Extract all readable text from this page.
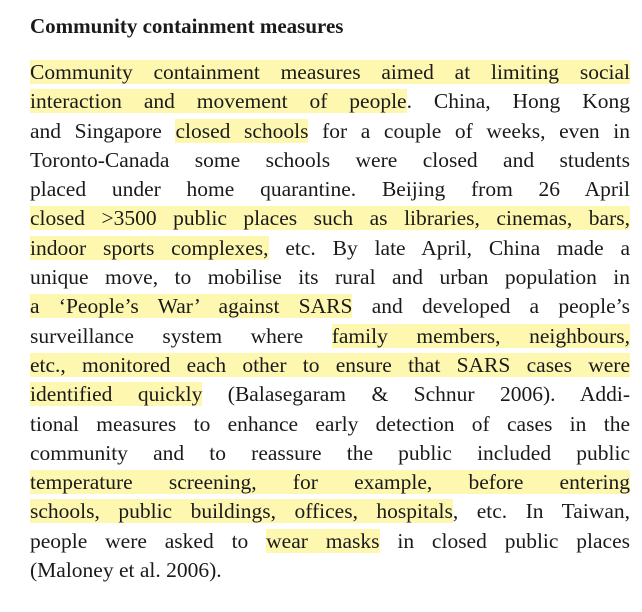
Community containment measures
Community containment measures aimed at limiting social
interaction and movement of people. China, Hong Kong
and Singapore closed schools for a couple of weeks, even in
Toronto-Canada some schools were closed and students
placed under home quarantine. Beijing from 26 April
closed >3500 public places such as libraries, cinemas, bars,
indoor sports complexes, etc. By late April, China made a
unique move, to mobilise its rural and urban population in
a ‘People’s War’ against SARS and developed a people’s
surveillance system where family members, neighbours,
etc., monitored each other to ensure that SARS cases were
identified quickly (Balasegaram & Schnur 2006). Addi-
tional measures to enhance early detection of cases in the
community and to reassure the public included public
temperature screening, for example, before entering
schools, public buildings, offices, hospitals, etc. In Taiwan,
people were asked to wear masks in closed public places
(Maloney et al. 2006).
